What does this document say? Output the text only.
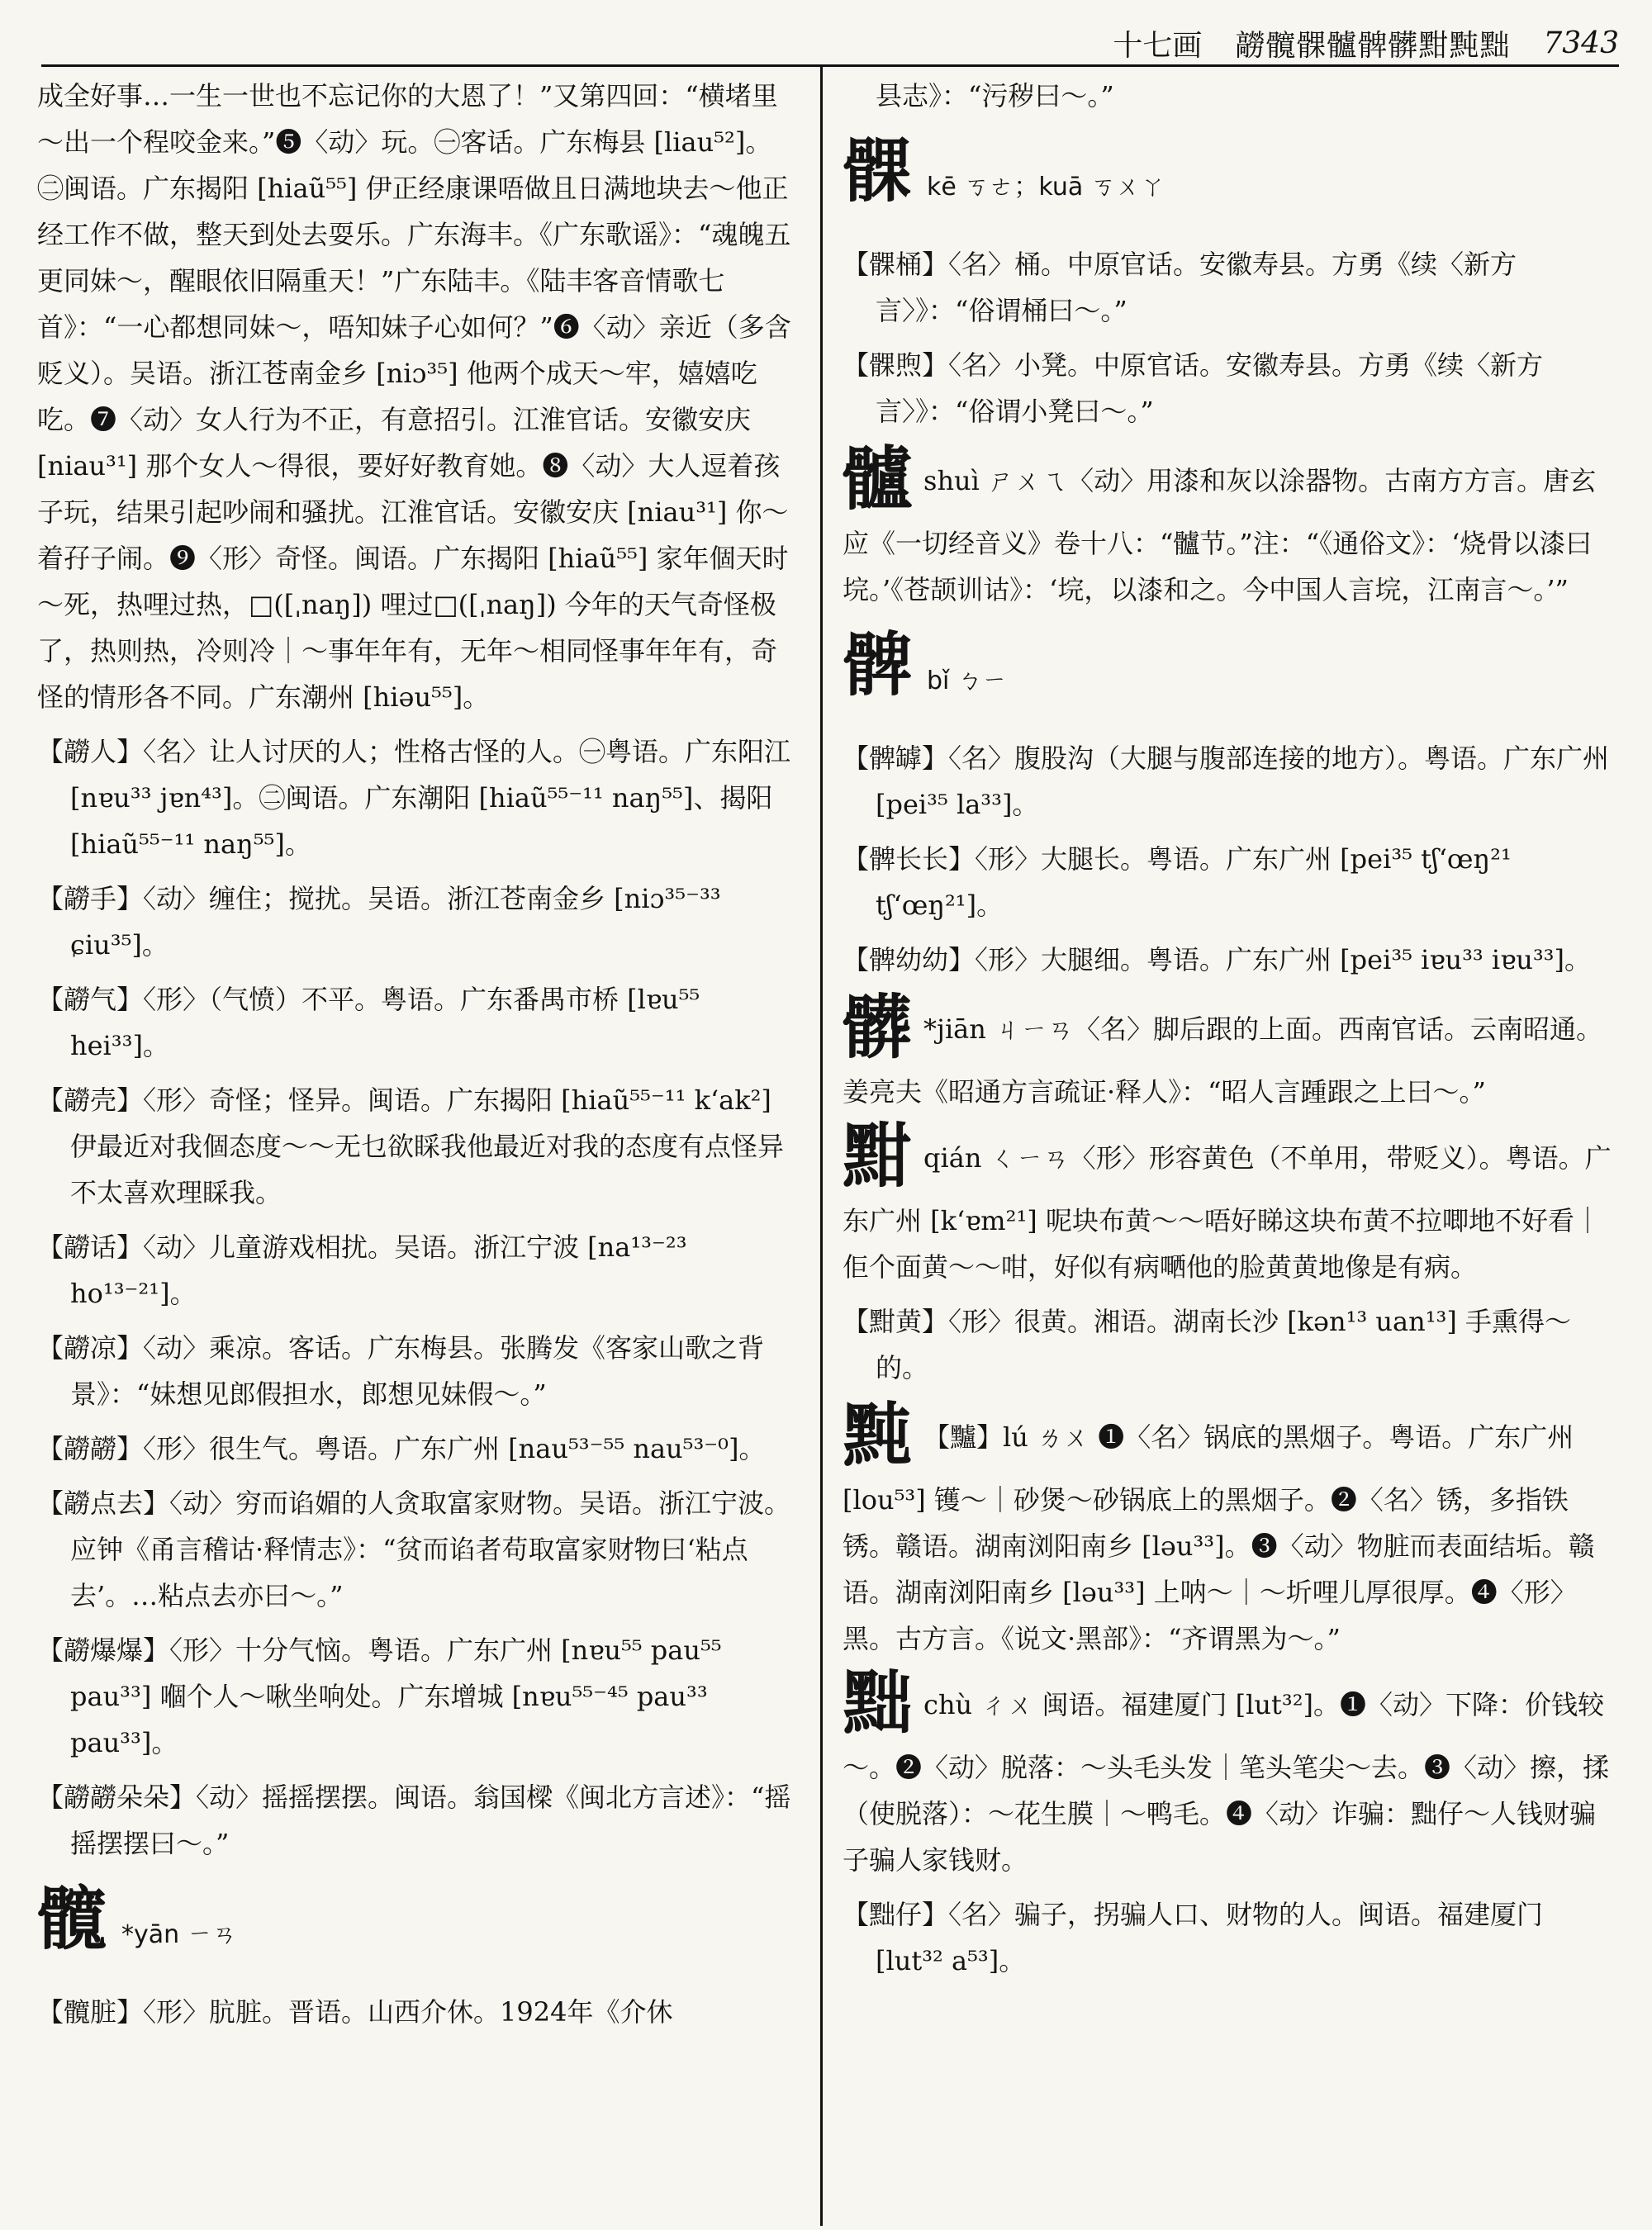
十七画 髝髖髁髗髀髒黚黗黜 7343

成全好事…一生一世也不忘记你的大恩了！”又第四回：“横堵里～出一个程咬金来。”❺〈动〉玩。㊀客话。广东梅县 [liau⁵²]。㊁闽语。广东揭阳 [hiaũ⁵⁵] 伊正经康课唔做且日满地块去～他正经工作不做，整天到处去耍乐。广东海丰。《广东歌谣》：“魂魄五更同妹～，醒眼依旧隔重天！”广东陆丰。《陆丰客音情歌七首》：“一心都想同妹～，唔知妹子心如何？”❻〈动〉亲近（多含贬义）。吴语。浙江苍南金乡 [niɔ³⁵] 他两个成天～牢，嬉嬉吃吃。❼〈动〉女人行为不正，有意招引。江淮官话。安徽安庆 [niau³¹] 那个女人～得很，要好好教育她。❽〈动〉大人逗着孩子玩，结果引起吵闹和骚扰。江淮官话。安徽安庆 [niau³¹] 你～着孖子闹。❾〈形〉奇怪。闽语。广东揭阳 [hiaũ⁵⁵] 家年個天时～死，热哩过热，□([ˌnaŋ]) 哩过□([ˌnaŋ]) 今年的天气奇怪极了，热则热，冷则冷｜～事年年有，无年～相同怪事年年有，奇怪的情形各不同。广东潮州 [hiəu⁵⁵]。

【髝人】〈名〉让人讨厌的人；性格古怪的人。㊀粤语。广东阳江 [nɐu³³ jɐn⁴³]。㊁闽语。广东潮阳 [hiaũ⁵⁵⁻¹¹ naŋ⁵⁵]、揭阳 [hiaũ⁵⁵⁻¹¹ naŋ⁵⁵]。

【髝手】〈动〉缠住；搅扰。吴语。浙江苍南金乡 [niɔ³⁵⁻³³ ɕiu³⁵]。

【髝气】〈形〉（气愤）不平。粤语。广东番禺市桥 [lɐu⁵⁵ hei³³]。

【髝壳】〈形〉奇怪；怪异。闽语。广东揭阳 [hiaũ⁵⁵⁻¹¹ k‘ak²] 伊最近对我個态度～～无乜欲睬我他最近对我的态度有点怪异不太喜欢理睬我。

【髝话】〈动〉儿童游戏相扰。吴语。浙江宁波 [na¹³⁻²³ ho¹³⁻²¹]。

【髝凉】〈动〉乘凉。客话。广东梅县。张腾发《客家山歌之背景》：“妹想见郎假担水，郎想见妹假～。”

【髝髝】〈形〉很生气。粤语。广东广州 [nau⁵³⁻⁵⁵ nau⁵³⁻⁰]。

【髝点去】〈动〉穷而谄媚的人贪取富家财物。吴语。浙江宁波。应钟《甬言稽诂·释情志》：“贫而谄者苟取富家财物曰‘粘点去’。…粘点去亦曰～。”

【髝爆爆】〈形〉十分气恼。粤语。广东广州 [nɐu⁵⁵ pau⁵⁵ pau³³] 嗰个人～啾坐响处。广东增城 [nɐu⁵⁵⁻⁴⁵ pau³³ pau³³]。

【髝髝朵朵】〈动〉摇摇摆摆。闽语。翁国樑《闽北方言述》：“摇摇摆摆曰～。”

髖 *yān ㄧㄢ

【髖脏】〈形〉肮脏。晋语。山西介休。1924年《介休

县志》：“污秽曰～。”

髁 kē ㄎㄜ；kuā ㄎㄨㄚ

【髁桶】〈名〉桶。中原官话。安徽寿县。方勇《续〈新方言〉》：“俗谓桶曰～。”

【髁煦】〈名〉小凳。中原官话。安徽寿县。方勇《续〈新方言〉》：“俗谓小凳曰～。”

髗shuì ㄕㄨㄟ〈动〉用漆和灰以涂器物。古南方方言。唐玄应《一切经音义》卷十八：“髗节。”注：“《通俗文》：‘烧骨以漆曰垸。’《苍颉训诂》：‘垸，以漆和之。今中国人言垸，江南言～。’”

髀 bǐ ㄅㄧ

【髀罅】〈名〉腹股沟（大腿与腹部连接的地方）。粤语。广东广州 [pei³⁵ la³³]。

【髀长长】〈形〉大腿长。粤语。广东广州 [pei³⁵ tʃ‘œŋ²¹ tʃ‘œŋ²¹]。

【髀幼幼】〈形〉大腿细。粤语。广东广州 [pei³⁵ iɐu³³ iɐu³³]。

髒 *jiān ㄐㄧㄢ〈名〉脚后跟的上面。西南官话。云南昭通。姜亮夫《昭通方言疏证·释人》：“昭人言踵跟之上曰～。”

黚qián ㄑㄧㄢ〈形〉形容黄色（不单用，带贬义）。粤语。广东广州 [k‘ɐm²¹] 呢块布黄～～唔好睇这块布黄不拉唧地不好看｜佢个面黄～～咁，好似有病嗮他的脸黄黄地像是有病。

【黚黄】〈形〉很黄。湘语。湖南长沙 [kən¹³ uan¹³] 手熏得～的。

黗 【黸】lú ㄌㄨ ❶〈名〉锅底的黑烟子。粤语。广东广州 [lou⁵³] 镬～｜砂煲～砂锅底上的黑烟子。❷〈名〉锈，多指铁锈。赣语。湖南浏阳南乡 [ləu³³]。❸〈动〉物脏而表面结垢。赣语。湖南浏阳南乡 [ləu³³] 上呐～｜～圻哩儿厚很厚。❹〈形〉黑。古方言。《说文·黑部》：“齐谓黑为～。”

黜chù ㄔㄨ 闽语。福建厦门 [lut³²]。❶〈动〉下降：价钱较～。❷〈动〉脱落：～头毛头发｜笔头笔尖～去。❸〈动〉擦，揉（使脱落）：～花生膜｜～鸭毛。❹〈动〉诈骗：黜仔～人钱财骗子骗人家钱财。

【黜仔】〈名〉骗子，拐骗人口、财物的人。闽语。福建厦门 [lut³² a⁵³]。
